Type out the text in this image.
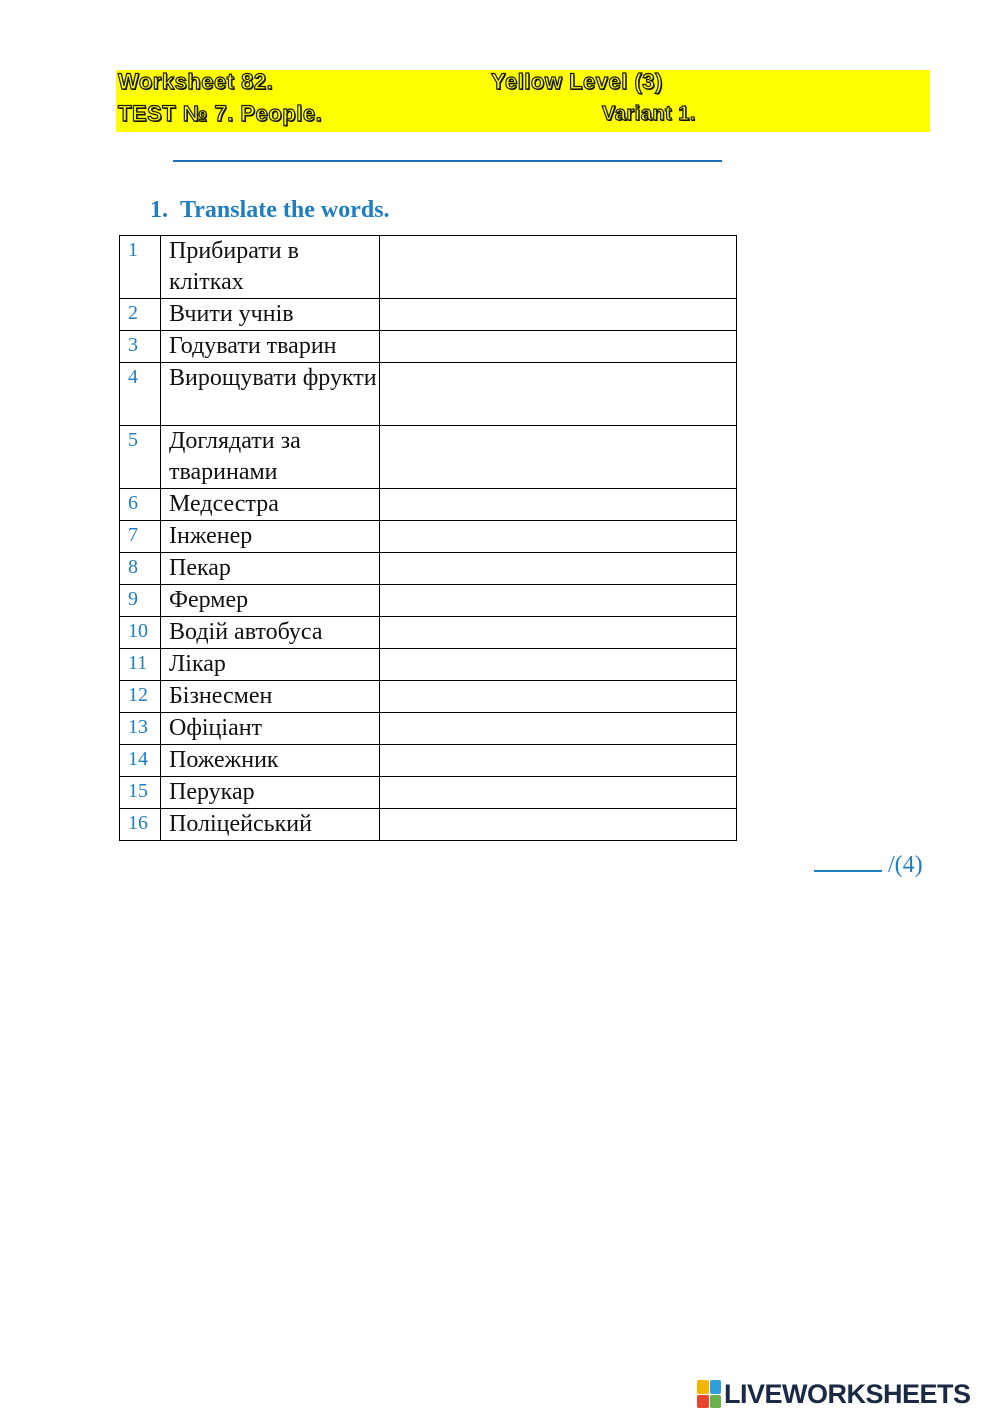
Worksheet 82.	Yellow Level (3)
TEST № 7. People.	Variant 1.
1. Translate the words.
1	Прибирати в клітках	
2	Вчити учнів	
3	Годувати тварин	
4	Вирощувати фрукти	
5	Доглядати за тваринами	
6	Медсестра	
7	Інженер	
8	Пекар	
9	Фермер	
10	Водій автобуса	
11	Лікар	
12	Бізнесмен	
13	Офіціант	
14	Пожежник	
15	Перукар	
16	Поліцейський	
/(4)
LIVEWORKSHEETS
